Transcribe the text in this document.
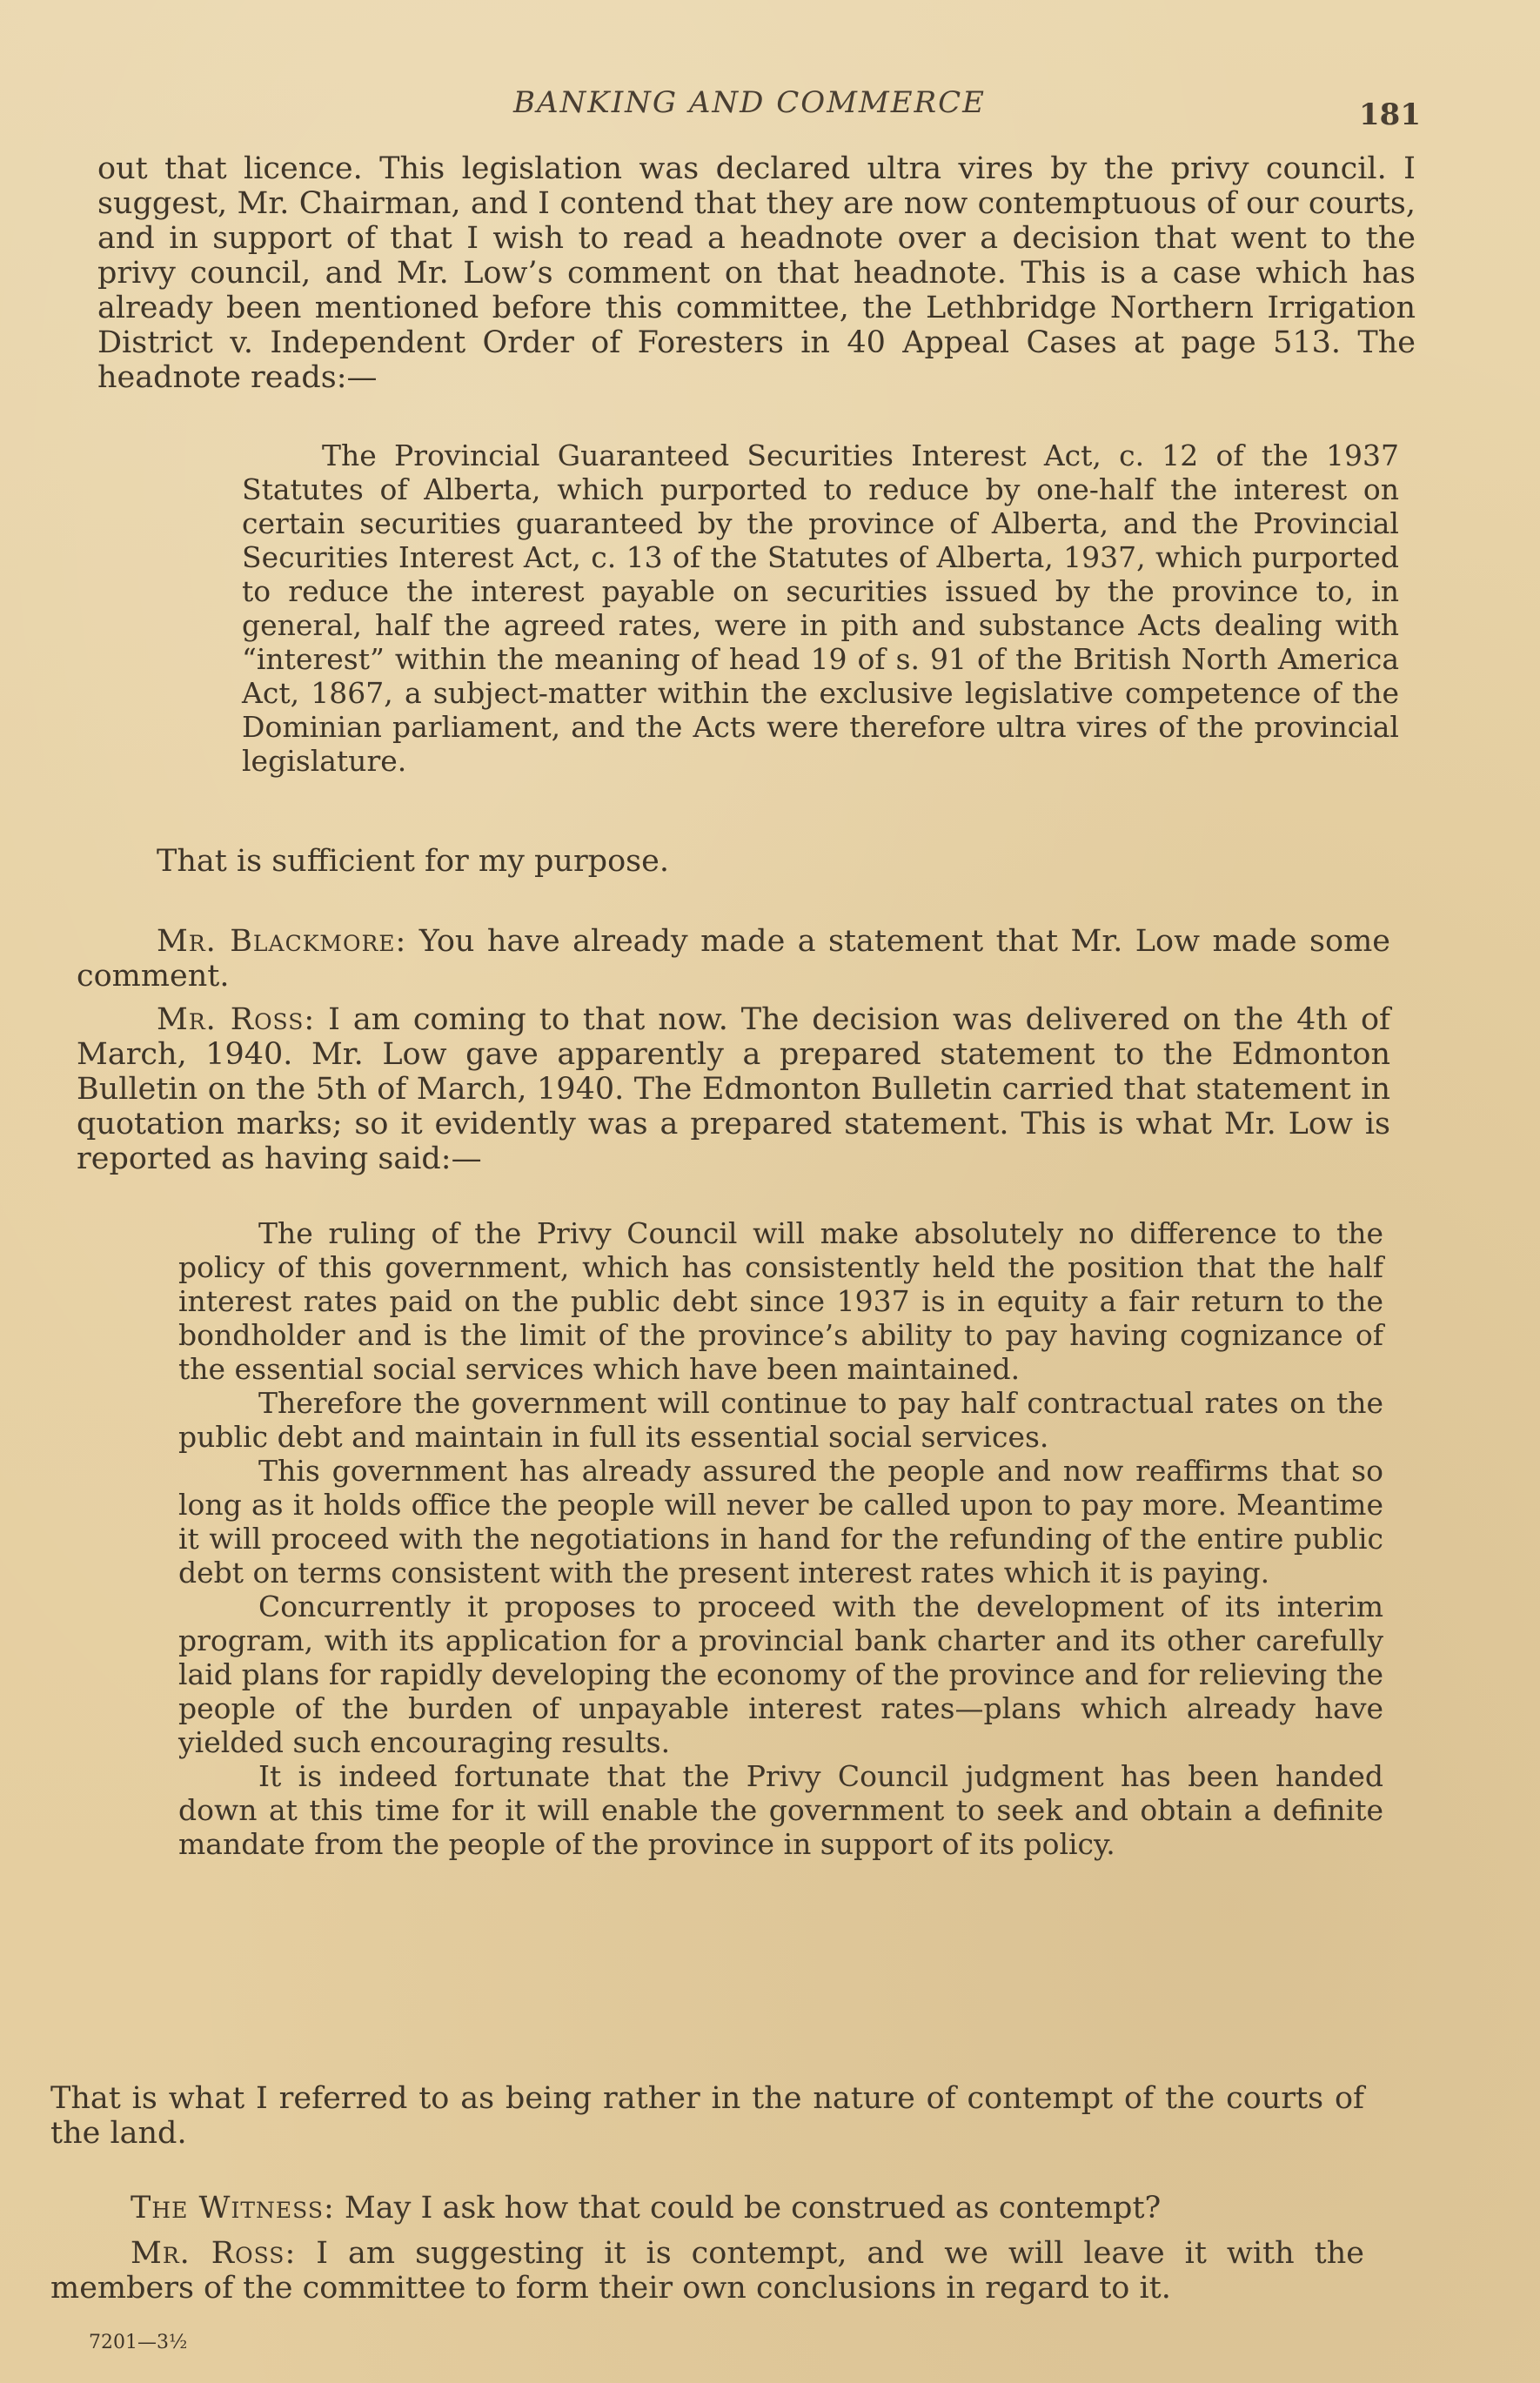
BANKING AND COMMERCE	181

out that licence. This legislation was declared ultra vires by the privy council. I suggest, Mr. Chairman, and I contend that they are now contemptuous of our courts, and in support of that I wish to read a headnote over a decision that went to the privy council, and Mr. Low’s comment on that headnote. This is a case which has already been mentioned before this committee, the Lethbridge Northern Irrigation District v. Independent Order of Foresters in 40 Appeal Cases at page 513. The headnote reads:—

The Provincial Guaranteed Securities Interest Act, c. 12 of the 1937 Statutes of Alberta, which purported to reduce by one-half the interest on certain securities guaranteed by the province of Alberta, and the Provincial Securities Interest Act, c. 13 of the Statutes of Alberta, 1937, which purported to reduce the interest payable on securities issued by the province to, in general, half the agreed rates, were in pith and substance Acts dealing with “interest” within the meaning of head 19 of s. 91 of the British North America Act, 1867, a subject-matter within the exclusive legislative competence of the Dominian parliament, and the Acts were therefore ultra vires of the provincial legislature.

That is sufficient for my purpose.

Mr. Blackmore: You have already made a statement that Mr. Low made some comment.

Mr. Ross: I am coming to that now. The decision was delivered on the 4th of March, 1940. Mr. Low gave apparently a prepared statement to the Edmonton Bulletin on the 5th of March, 1940. The Edmonton Bulletin carried that statement in quotation marks; so it evidently was a prepared statement. This is what Mr. Low is reported as having said:—

The ruling of the Privy Council will make absolutely no difference to the policy of this government, which has consistently held the position that the half interest rates paid on the public debt since 1937 is in equity a fair return to the bondholder and is the limit of the province’s ability to pay having cognizance of the essential social services which have been maintained.

Therefore the government will continue to pay half contractual rates on the public debt and maintain in full its essential social services.

This government has already assured the people and now reaffirms that so long as it holds office the people will never be called upon to pay more. Meantime it will proceed with the negotiations in hand for the refunding of the entire public debt on terms consistent with the present interest rates which it is paying.

Concurrently it proposes to proceed with the development of its interim program, with its application for a provincial bank charter and its other carefully laid plans for rapidly developing the economy of the province and for relieving the people of the burden of unpayable interest rates—plans which already have yielded such encouraging results.

It is indeed fortunate that the Privy Council judgment has been handed down at this time for it will enable the government to seek and obtain a definite mandate from the people of the province in support of its policy.

That is what I referred to as being rather in the nature of contempt of the courts of the land.

The Witness: May I ask how that could be construed as contempt?

Mr. Ross: I am suggesting it is contempt, and we will leave it with the members of the committee to form their own conclusions in regard to it.

7201—3½
